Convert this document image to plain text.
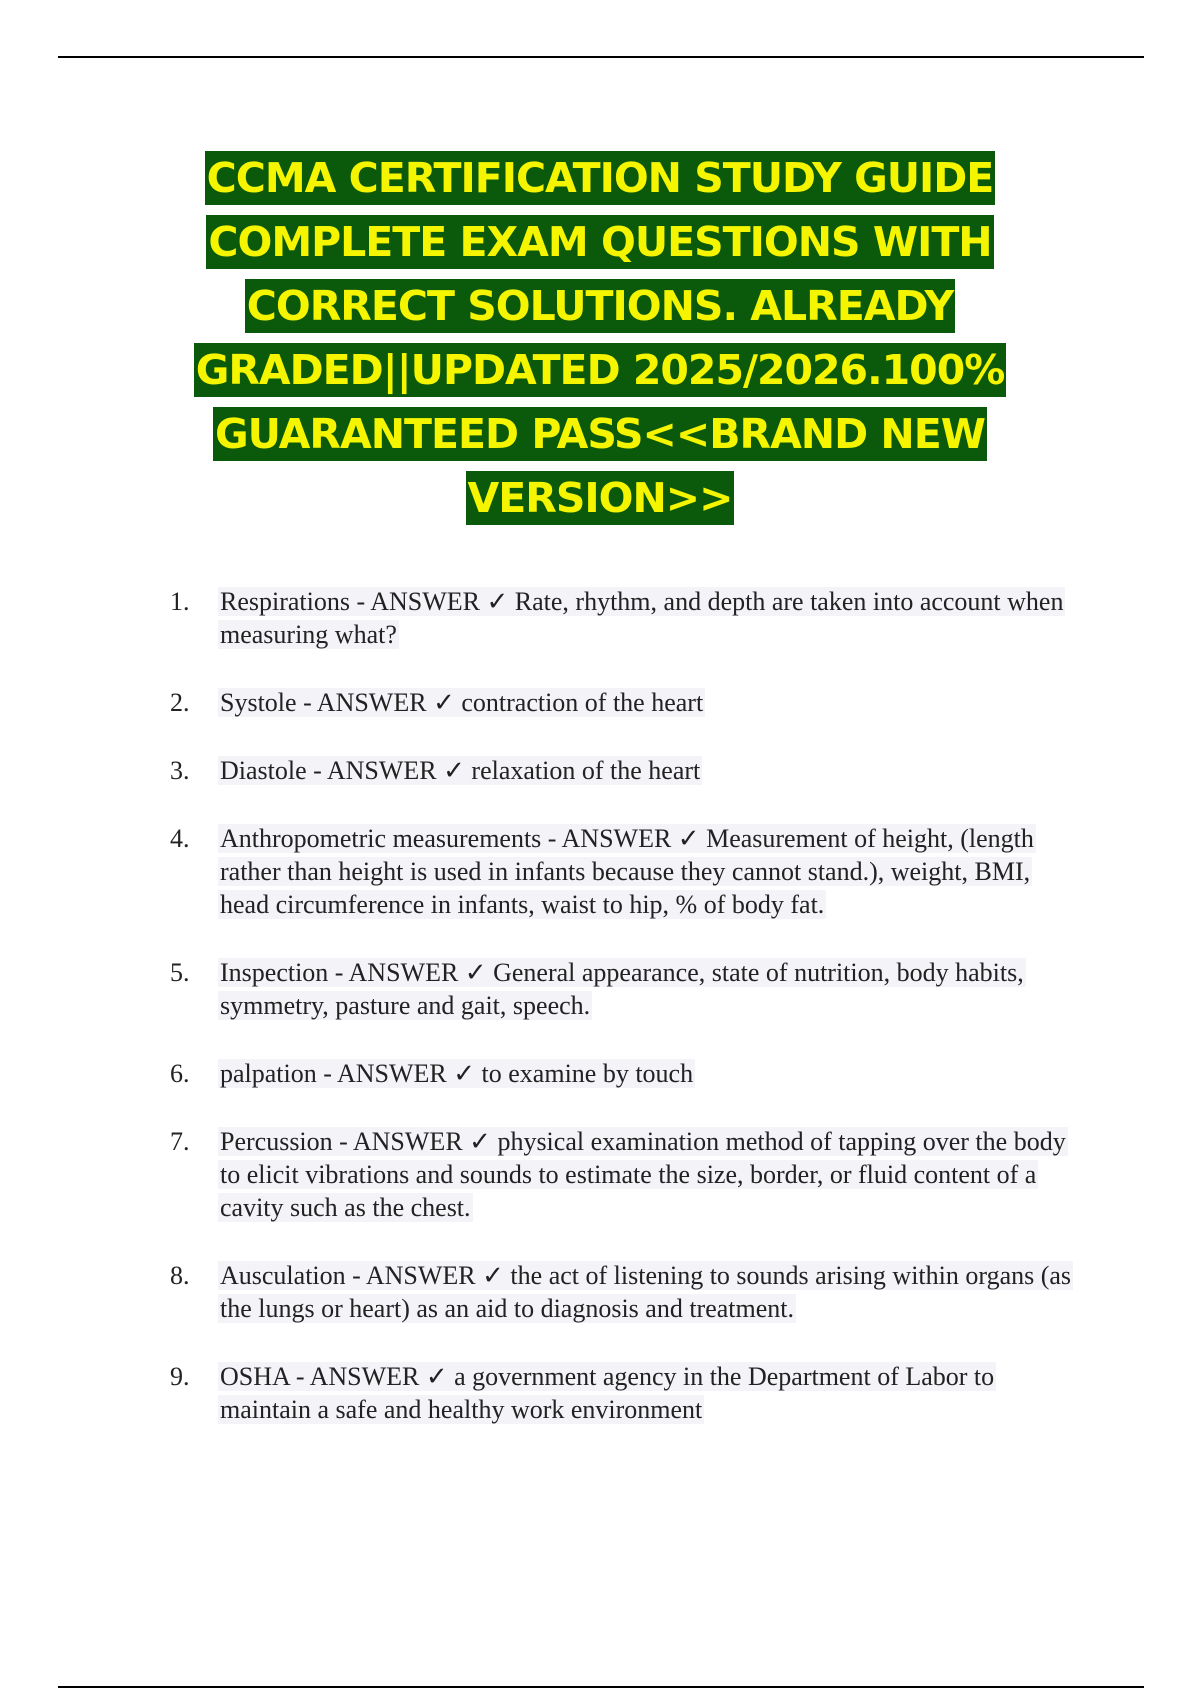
CCMA CERTIFICATION STUDY GUIDE COMPLETE EXAM QUESTIONS WITH CORRECT SOLUTIONS. ALREADY GRADED||UPDATED 2025/2026.100% GUARANTEED PASS<<BRAND NEW VERSION>>
1.	Respirations - ANSWER ✓ Rate, rhythm, and depth are taken into account when measuring what?
2.	Systole - ANSWER ✓ contraction of the heart
3.	Diastole - ANSWER ✓ relaxation of the heart
4.	Anthropometric measurements - ANSWER ✓ Measurement of height, (length rather than height is used in infants because they cannot stand.), weight, BMI, head circumference in infants, waist to hip, % of body fat.
5.	Inspection - ANSWER ✓ General appearance, state of nutrition, body habits, symmetry, pasture and gait, speech.
6.	palpation - ANSWER ✓ to examine by touch
7.	Percussion - ANSWER ✓ physical examination method of tapping over the body to elicit vibrations and sounds to estimate the size, border, or fluid content of a cavity such as the chest.
8.	Ausculation - ANSWER ✓ the act of listening to sounds arising within organs (as the lungs or heart) as an aid to diagnosis and treatment.
9.	OSHA - ANSWER ✓ a government agency in the Department of Labor to maintain a safe and healthy work environment
